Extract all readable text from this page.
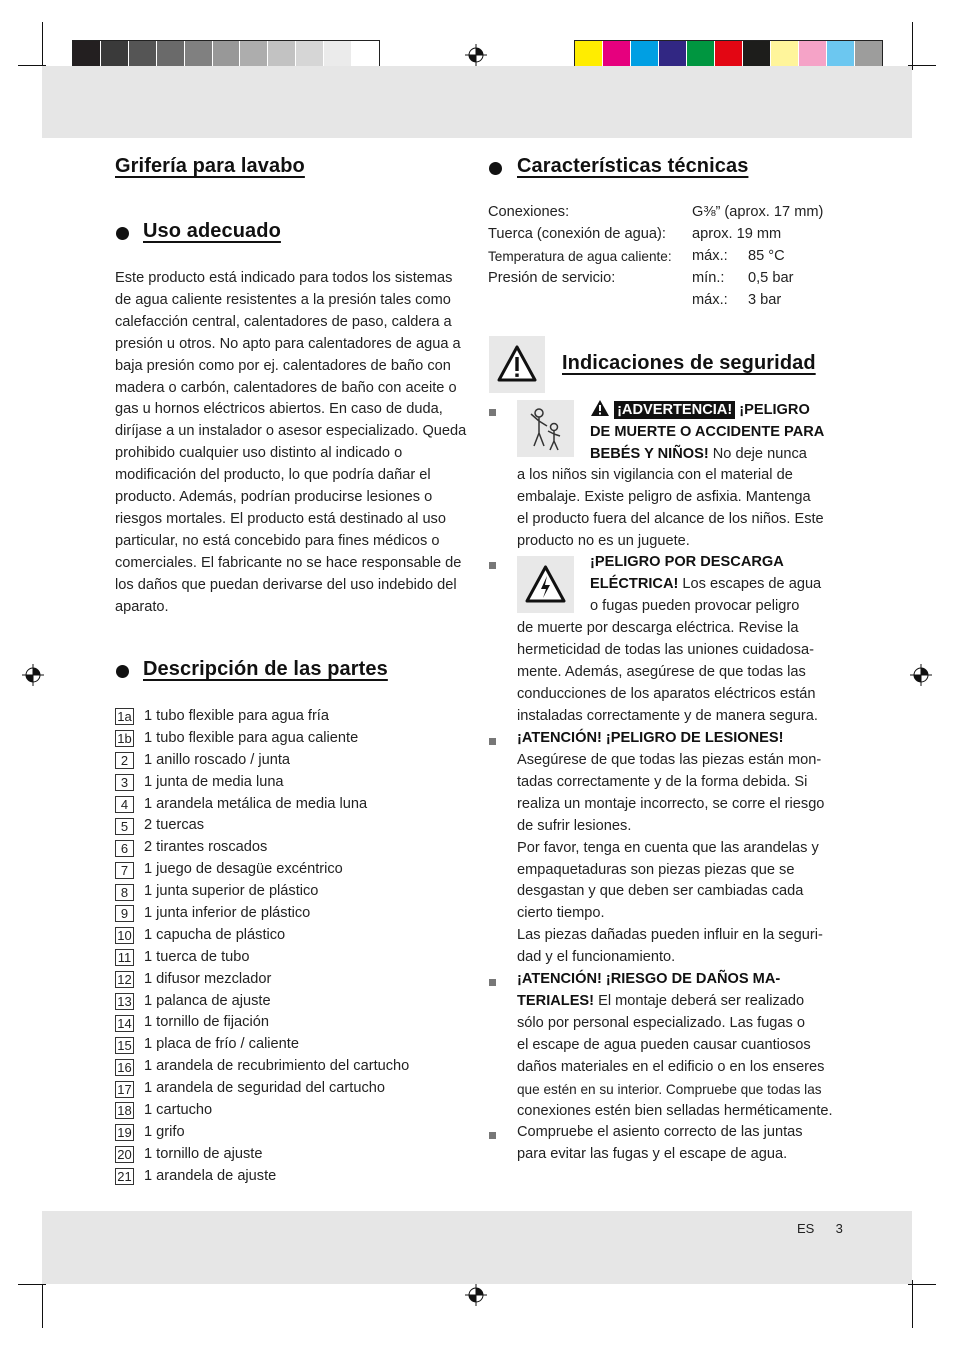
Grifería para lavabo
Uso adecuado

Este producto está indicado para todos los sistemas de agua caliente resistentes a la presión tales como calefacción central, calentadores de paso, caldera a presión u otros. No apto para calentadores de agua a baja presión como por ej. calentadores de baño con madera o carbón, calentadores de baño con aceite o gas u hornos eléctricos abiertos. En caso de duda, diríjase a un instalador o asesor especializado. Queda prohibido cualquier uso distinto al indicado o modificación del producto, lo que podría dañar el producto. Además, podrían producirse lesiones o riesgos mortales. El producto está destinado al uso particular, no está concebido para fines médicos o comerciales. El fabricante no se hace responsable de los daños que puedan derivarse del uso indebido del aparato.

Descripción de las partes
1a 1 tubo flexible para agua fría
1b 1 tubo flexible para agua caliente
2	1 anillo roscado / junta
3	1 junta de media luna
4	1 arandela metálica de media luna
5	2 tuercas
6	2 tirantes roscados
7	1 juego de desagüe excéntrico
8	1 junta superior de plástico
9	1 junta inferior de plástico
10 1 capucha de plástico
11 1 tuerca de tubo
12 1 difusor mezclador
13 1 palanca de ajuste
14 1 tornillo de fijación
15 1 placa de frío / caliente
16 1 arandela de recubrimiento del cartucho
17 1 arandela de seguridad del cartucho
18 1 cartucho
19 1 grifo
20 1 tornillo de ajuste
21 1 arandela de ajuste
Características técnicas
Conexiones:	G⅜” (aprox. 17 mm)
Tuerca (conexión de agua):	aprox. 19 mm
Temperatura de agua caliente:	máx.:	85 °C
Presión de servicio:	mín.:	0,5 bar
máx.:	3 bar
Indicaciones de seguridad
¡ADVERTENCIA! ¡PELIGRO
DE MUERTE O ACCIDENTE PARA
BEBÉS Y NIÑOS! No deje nunca
a los niños sin vigilancia con el material de
embalaje. Existe peligro de asfixia. Mantenga
el producto fuera del alcance de los niños. Este
producto no es un juguete.
¡PELIGRO POR DESCARGA
ELÉCTRICA! Los escapes de agua
o fugas pueden provocar peligro
de muerte por descarga eléctrica. Revise la
hermeticidad de todas las uniones cuidadosa-
mente. Además, asegúrese de que todas las
conducciones de los aparatos eléctricos están
instaladas correctamente y de manera segura.
¡ATENCIÓN! ¡PELIGRO DE LESIONES!
Asegúrese de que todas las piezas están mon-
tadas correctamente y de la forma debida. Si
realiza un montaje incorrecto, se corre el riesgo
de sufrir lesiones.
Por favor, tenga en cuenta que las arandelas y
empaquetaduras son piezas piezas que se
desgastan y que deben ser cambiadas cada
cierto tiempo.
Las piezas dañadas pueden influir en la seguri-
dad y el funcionamiento.
¡ATENCIÓN! ¡RIESGO DE DAÑOS MA-
TERIALES! El montaje deberá ser realizado
sólo por personal especializado. Las fugas o
el escape de agua pueden causar cuantiosos
daños materiales en el edificio o en los enseres
que estén en su interior. Compruebe que todas las
conexiones estén bien selladas herméticamente.
Compruebe el asiento correcto de las juntas
para evitar las fugas y el escape de agua.
ES 3
